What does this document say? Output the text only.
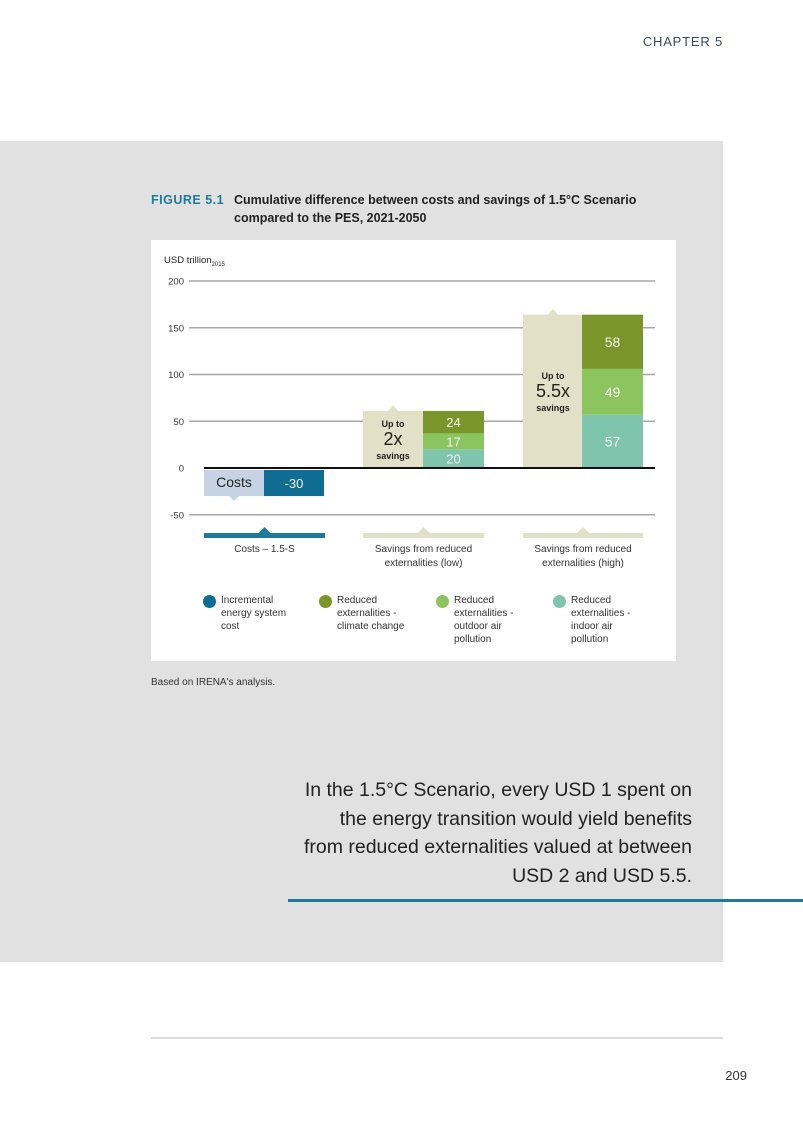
CHAPTER 5
FIGURE 5.1 Cumulative difference between costs and savings of 1.5°C Scenario compared to the PES, 2021-2050
USD trillion$_{2015}$
200
150
100
50
0
-50
Costs
Up to
2x
savings
Up to
5.5x
savings
-30
20
17
24
57
49
58
Costs – 1.5-S	Savings from reduced
externalities (low)
Savings from reduced
externalities (high)
Incremental
energy system
cost
Reduced
externalities -
climate change
Reduced
externalities -
outdoor air
pollution
Reduced
externalities -
indoor air
pollution
Based on IRENA's analysis.
In the 1.5°C Scenario, every USD 1 spent on the energy transition would yield benefits from reduced externalities valued at between USD 2 and USD 5.5.
209
